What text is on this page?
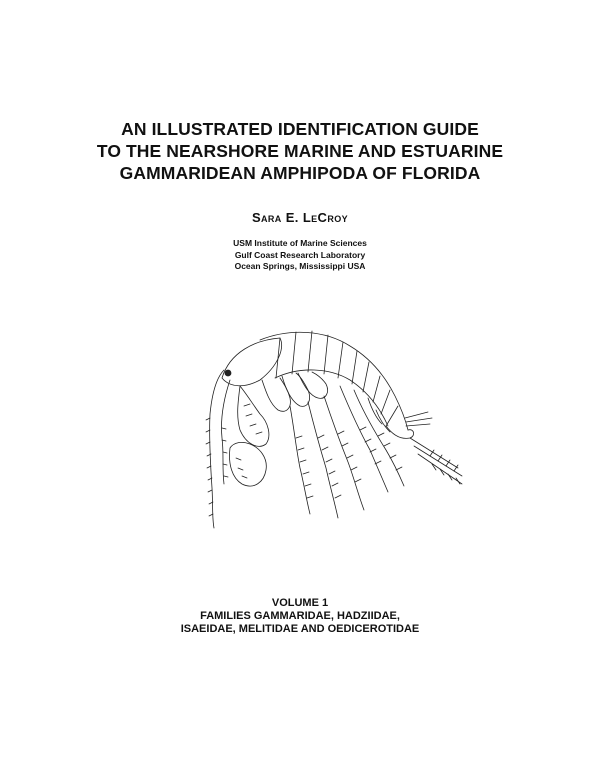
AN ILLUSTRATED IDENTIFICATION GUIDE
TO THE NEARSHORE MARINE AND ESTUARINE
GAMMARIDEAN AMPHIPODA OF FLORIDA
Sara E. LeCroy
USM Institute of Marine Sciences
Gulf Coast Research Laboratory
Ocean Springs, Mississippi USA
VOLUME 1
FAMILIES GAMMARIDAE, HADZIIDAE,
ISAEIDAE, MELITIDAE AND OEDICEROTIDAE
